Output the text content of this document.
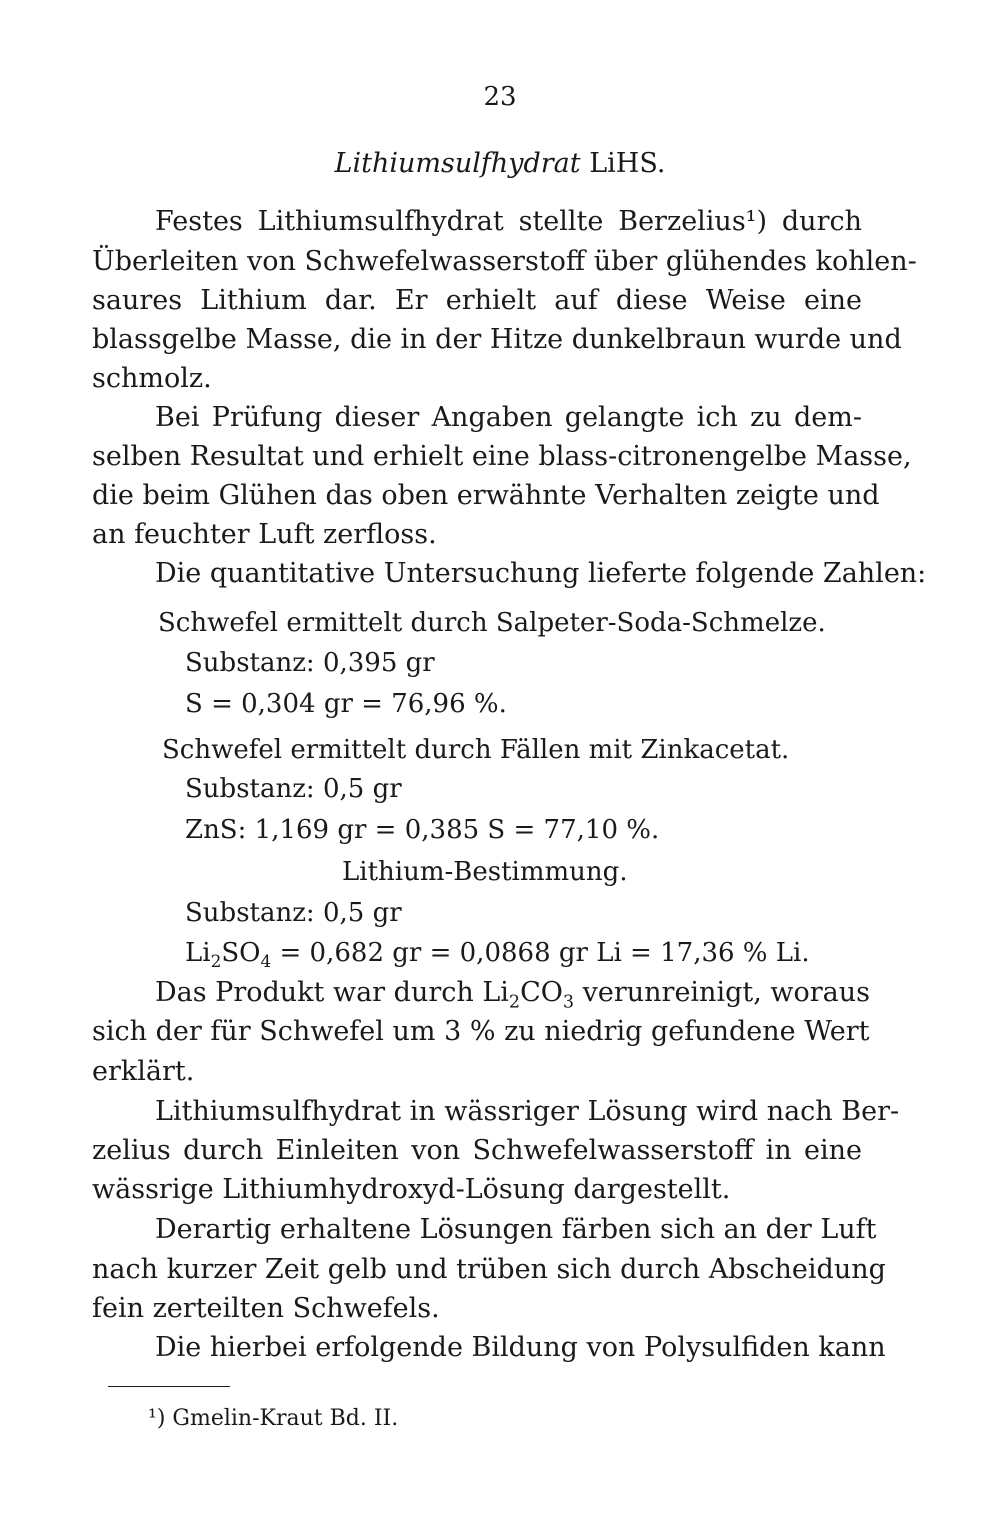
23
Lithiumsulfhydrat LiHS.
Festes Lithiumsulfhydrat stellte Berzelius¹) durch
Überleiten von Schwefelwasserstoff über glühendes kohlen-
saures Lithium dar. Er erhielt auf diese Weise eine
blassgelbe Masse, die in der Hitze dunkelbraun wurde und
schmolz.
Bei Prüfung dieser Angaben gelangte ich zu dem-
selben Resultat und erhielt eine blass-citronengelbe Masse,
die beim Glühen das oben erwähnte Verhalten zeigte und
an feuchter Luft zerfloss.
Die quantitative Untersuchung lieferte folgende Zahlen:
Schwefel ermittelt durch Salpeter-Soda-Schmelze.
Substanz: 0,395 gr
S = 0,304 gr = 76,96 %.
Schwefel ermittelt durch Fällen mit Zinkacetat.
Substanz: 0,5 gr
ZnS: 1,169 gr = 0,385 S = 77,10 %.
Lithium-Bestimmung.
Substanz: 0,5 gr
$Li_2SO_4 = 0,682$ gr = 0,0868 gr Li = 17,36 % Li.
Das Produkt war durch $Li_2CO_3$ verunreinigt, woraus
sich der für Schwefel um 3 % zu niedrig gefundene Wert
erklärt.
Lithiumsulfhydrat in wässriger Lösung wird nach Ber-
zelius durch Einleiten von Schwefelwasserstoff in eine
wässrige Lithiumhydroxyd-Lösung dargestellt.
Derartig erhaltene Lösungen färben sich an der Luft
nach kurzer Zeit gelb und trüben sich durch Abscheidung
fein zerteilten Schwefels.
Die hierbei erfolgende Bildung von Polysulfiden kann
¹) Gmelin-Kraut Bd. II.
